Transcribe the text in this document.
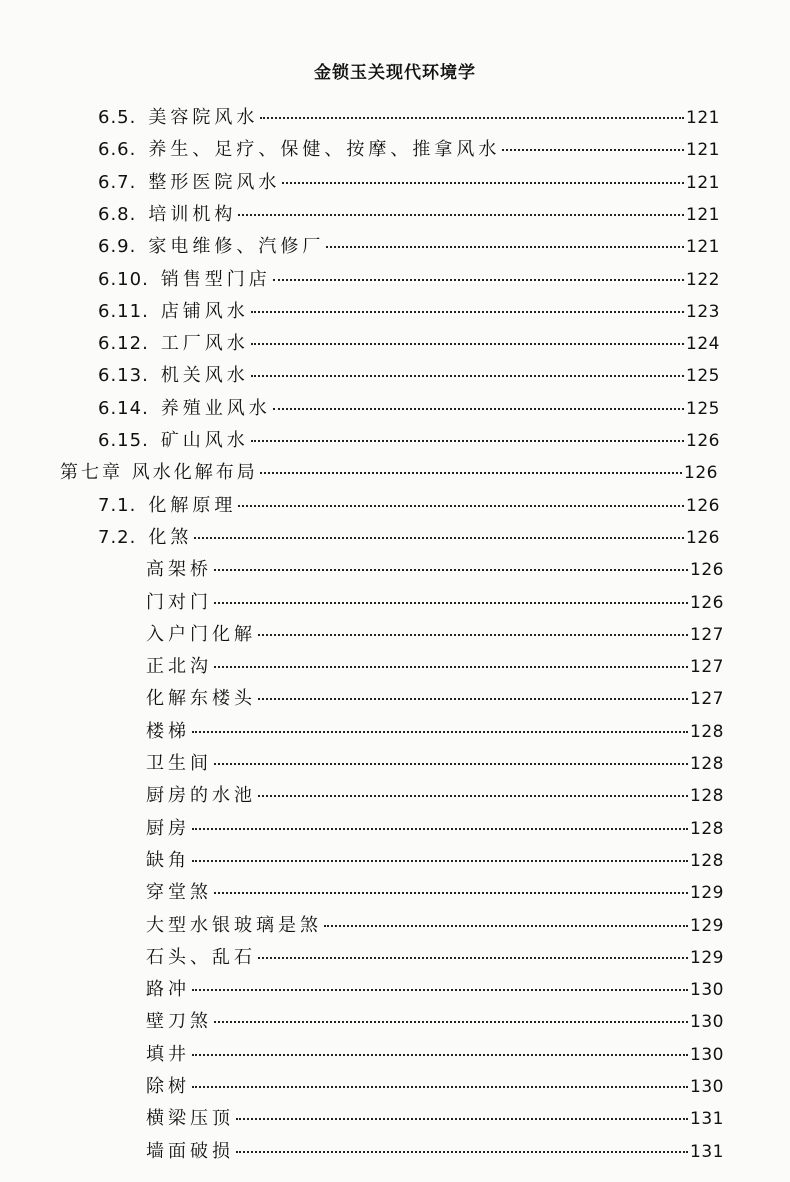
金锁玉关现代环境学
6.5. 美容院风水	121
6.6. 养生、足疗、保健、按摩、推拿风水	121
6.7. 整形医院风水	121
6.8. 培训机构	121
6.9. 家电维修、汽修厂	121
6.10. 销售型门店	122
6.11. 店铺风水	123
6.12. 工厂风水	124
6.13. 机关风水	125
6.14. 养殖业风水	125
6.15. 矿山风水	126
第七章 风水化解布局	126
7.1. 化解原理	126
7.2. 化煞	126
高架桥	126
门对门	126
入户门化解	127
正北沟	127
化解东楼头	127
楼梯	128
卫生间	128
厨房的水池	128
厨房	128
缺角	128
穿堂煞	129
大型水银玻璃是煞	129
石头、乱石	129
路冲	130
壁刀煞	130
填井	130
除树	130
横梁压顶	131
墙面破损	131
